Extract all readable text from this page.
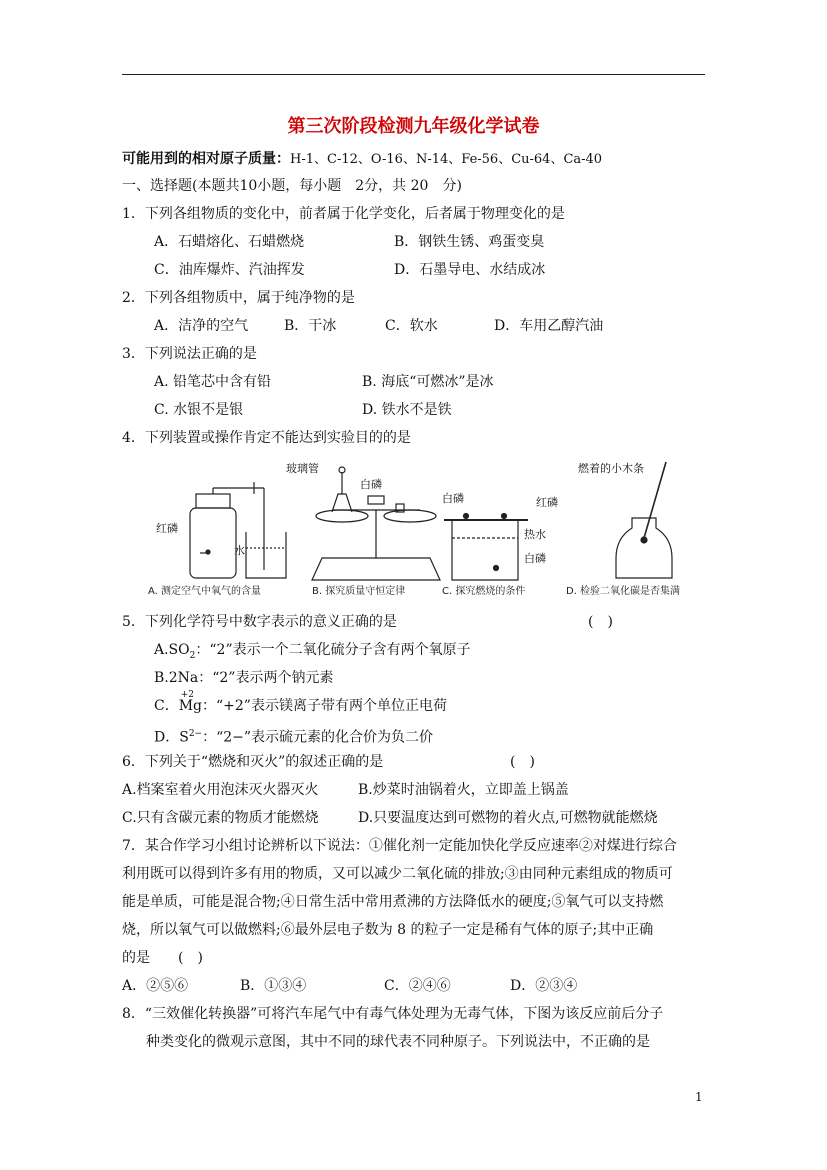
第三次阶段检测九年级化学试卷
可能用到的相对原子质量：H-1、C-12、O-16、N-14、Fe-56、Cu-64、Ca-40
一、选择题(本题共10小题，每小题　2分，共 20　分)
1．下列各组物质的变化中，前者属于化学变化，后者属于物理变化的是
A．石蜡熔化、石蜡燃烧	B．钢铁生锈、鸡蛋变臭
C．油库爆炸、汽油挥发	D．石墨导电、水结成冰
2．下列各组物质中，属于纯净物的是
A．洁净的空气	B．干冰	C．软水	D．车用乙醇汽油
3．下列说法正确的是
A. 铅笔芯中含有铅	B. 海底“可燃冰”是冰
C. 水银不是银	D. 铁水不是铁
4．下列装置或操作肯定不能达到实验目的的是
红磷
水
A. 测定空气中氧气的含量
玻璃管
白磷
B. 探究质量守恒定律
白磷	红磷
热水
白磷
C. 探究燃烧的条件
燃着的小木条
D. 检验二氧化碳是否集满
5．下列化学符号中数字表示的意义正确的是	(　)
$A.SO_2$：“2”表示一个二氧化硫分子含有两个氧原子
B.2Na：“2”表示两个钠元素
C．
+2
Mg：“+2”表示镁离子带有两个单位正电荷
D．$S^{2-}$：“2−”表示硫元素的化合价为负二价
6．下列关于“燃烧和灭火”的叙述正确的是	(　)
A.档案室着火用泡沫灭火器灭火	B.炒菜时油锅着火，立即盖上锅盖
C.只有含碳元素的物质才能燃烧	D.只要温度达到可燃物的着火点,可燃物就能燃烧
7．某合作学习小组讨论辨析以下说法：①催化剂一定能加快化学反应速率②对煤进行综合
利用既可以得到许多有用的物质，又可以减少二氧化硫的排放;③由同种元素组成的物质可
能是单质，可能是混合物;④日常生活中常用煮沸的方法降低水的硬度;⑤氧气可以支持燃
烧，所以氧气可以做燃料;⑥最外层电子数为 8 的粒子一定是稀有气体的原子;其中正确
的是　　(　)
A．②⑤⑥	B．①③④	C．②④⑥	D．②③④
8．“三效催化转换器”可将汽车尾气中有毒气体处理为无毒气体，下图为该反应前后分子
种类变化的微观示意图，其中不同的球代表不同种原子。下列说法中，不正确的是
1
